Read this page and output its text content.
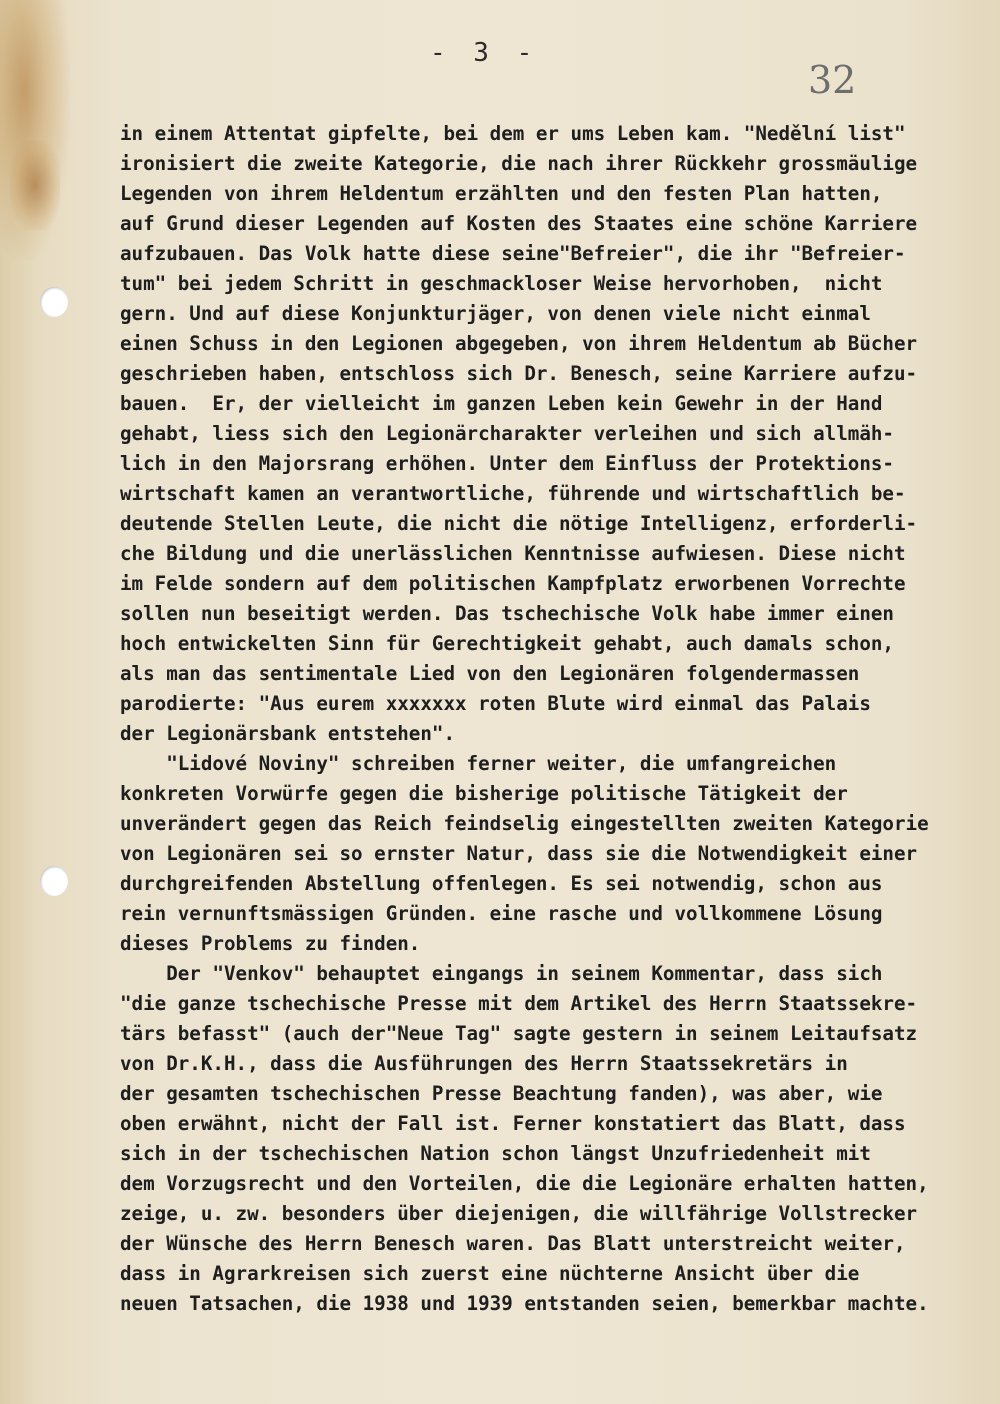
- 3 -
32
in einem Attentat gipfelte, bei dem er ums Leben kam. "Nedělní list"
ironisiert die zweite Kategorie, die nach ihrer Rückkehr grossmäulige
Legenden von ihrem Heldentum erzählten und den festen Plan hatten,
auf Grund dieser Legenden auf Kosten des Staates eine schöne Karriere
aufzubauen. Das Volk hatte diese seine"Befreier", die ihr "Befreier-
tum" bei jedem Schritt in geschmackloser Weise hervorhoben,  nicht
gern. Und auf diese Konjunkturjäger, von denen viele nicht einmal
einen Schuss in den Legionen abgegeben, von ihrem Heldentum ab Bücher
geschrieben haben, entschloss sich Dr. Benesch, seine Karriere aufzu-
bauen.  Er, der vielleicht im ganzen Leben kein Gewehr in der Hand
gehabt, liess sich den Legionärcharakter verleihen und sich allmäh-
lich in den Majorsrang erhöhen. Unter dem Einfluss der Protektions-
wirtschaft kamen an verantwortliche, führende und wirtschaftlich be-
deutende Stellen Leute, die nicht die nötige Intelligenz, erforderli-
che Bildung und die unerlässlichen Kenntnisse aufwiesen. Diese nicht
im Felde sondern auf dem politischen Kampfplatz erworbenen Vorrechte
sollen nun beseitigt werden. Das tschechische Volk habe immer einen
hoch entwickelten Sinn für Gerechtigkeit gehabt, auch damals schon,
als man das sentimentale Lied von den Legionären folgendermassen
parodierte: "Aus eurem xxxxxxx roten Blute wird einmal das Palais
der Legionärsbank entstehen".
"Lidové Noviny" schreiben ferner weiter, die umfangreichen
konkreten Vorwürfe gegen die bisherige politische Tätigkeit der
unverändert gegen das Reich feindselig eingestellten zweiten Kategorie
von Legionären sei so ernster Natur, dass sie die Notwendigkeit einer
durchgreifenden Abstellung offenlegen. Es sei notwendig, schon aus
rein vernunftsmässigen Gründen. eine rasche und vollkommene Lösung
dieses Problems zu finden.
Der "Venkov" behauptet eingangs in seinem Kommentar, dass sich
"die ganze tschechische Presse mit dem Artikel des Herrn Staatssekre-
tärs befasst" (auch der"Neue Tag" sagte gestern in seinem Leitaufsatz
von Dr.K.H., dass die Ausführungen des Herrn Staatssekretärs in
der gesamten tschechischen Presse Beachtung fanden), was aber, wie
oben erwähnt, nicht der Fall ist. Ferner konstatiert das Blatt, dass
sich in der tschechischen Nation schon längst Unzufriedenheit mit
dem Vorzugsrecht und den Vorteilen, die die Legionäre erhalten hatten,
zeige, u. zw. besonders über diejenigen, die willfährige Vollstrecker
der Wünsche des Herrn Benesch waren. Das Blatt unterstreicht weiter,
dass in Agrarkreisen sich zuerst eine nüchterne Ansicht über die
neuen Tatsachen, die 1938 und 1939 entstanden seien, bemerkbar machte.
